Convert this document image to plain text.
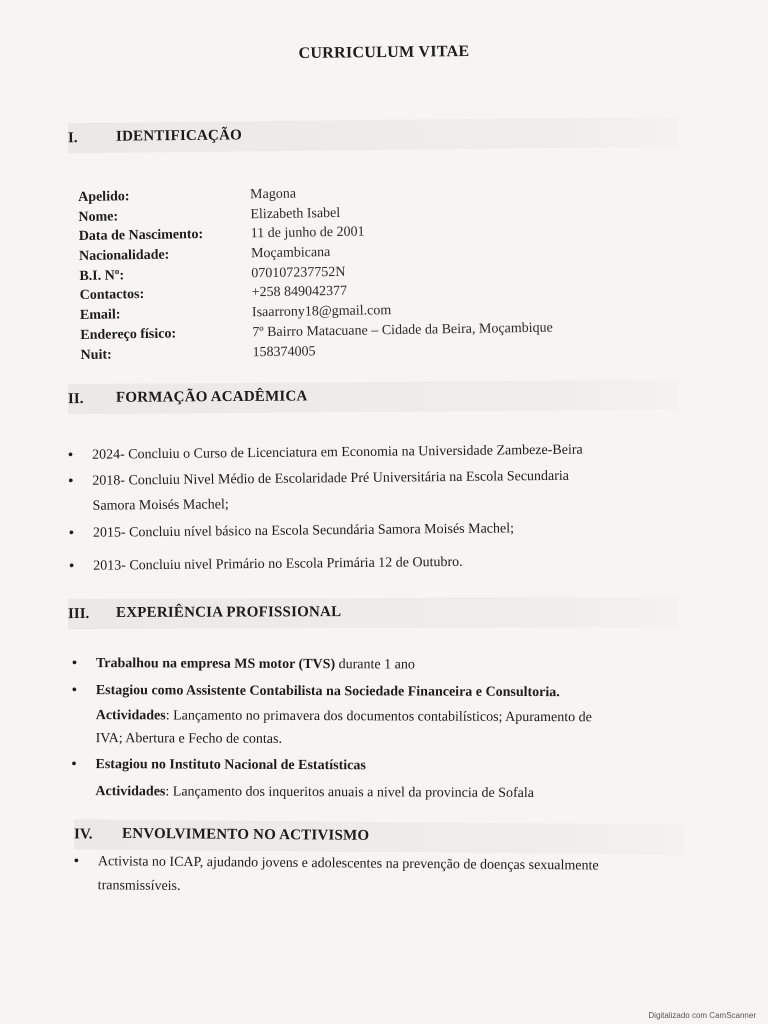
CURRICULUM VITAE
I.	IDENTIFICAÇÃO
Apelido:	Magona
Nome:	Elizabeth Isabel
Data de Nascimento:	11 de junho de 2001
Nacionalidade:	Moçambicana
B.I. Nº:	070107237752N
Contactos:	+258 849042377
Email:	Isaarrony18@gmail.com
Endereço físico:	7º Bairro Matacuane – Cidade da Beira, Moçambique
Nuit:	158374005
II. FORMAÇÃO ACADÊMICA
• 2024- Concluiu o Curso de Licenciatura em Economia na Universidade Zambeze-Beira
• 2018- Concluiu Nivel Médio de Escolaridade Pré Universitária na Escola Secundaria
Samora Moisés Machel;
• 2015- Concluiu nível básico na Escola Secundária Samora Moisés Machel;
• 2013- Concluiu nivel Primário no Escola Primária 12 de Outubro.
III. EXPERIÊNCIA PROFISSIONAL
• Trabalhou na empresa MS motor (TVS) durante 1 ano
• Estagiou como Assistente Contabilista na Sociedade Financeira e Consultoria.
Actividades: Lançamento no primavera dos documentos contabilísticos; Apuramento de
IVA; Abertura e Fecho de contas.
• Estagiou no Instituto Nacional de Estatísticas
Actividades: Lançamento dos inqueritos anuais a nivel da provincia de Sofala
IV. ENVOLVIMENTO NO ACTIVISMO
• Activista no ICAP, ajudando jovens e adolescentes na prevenção de doenças sexualmente
transmissíveis.
Digitalizado com CamScanner
